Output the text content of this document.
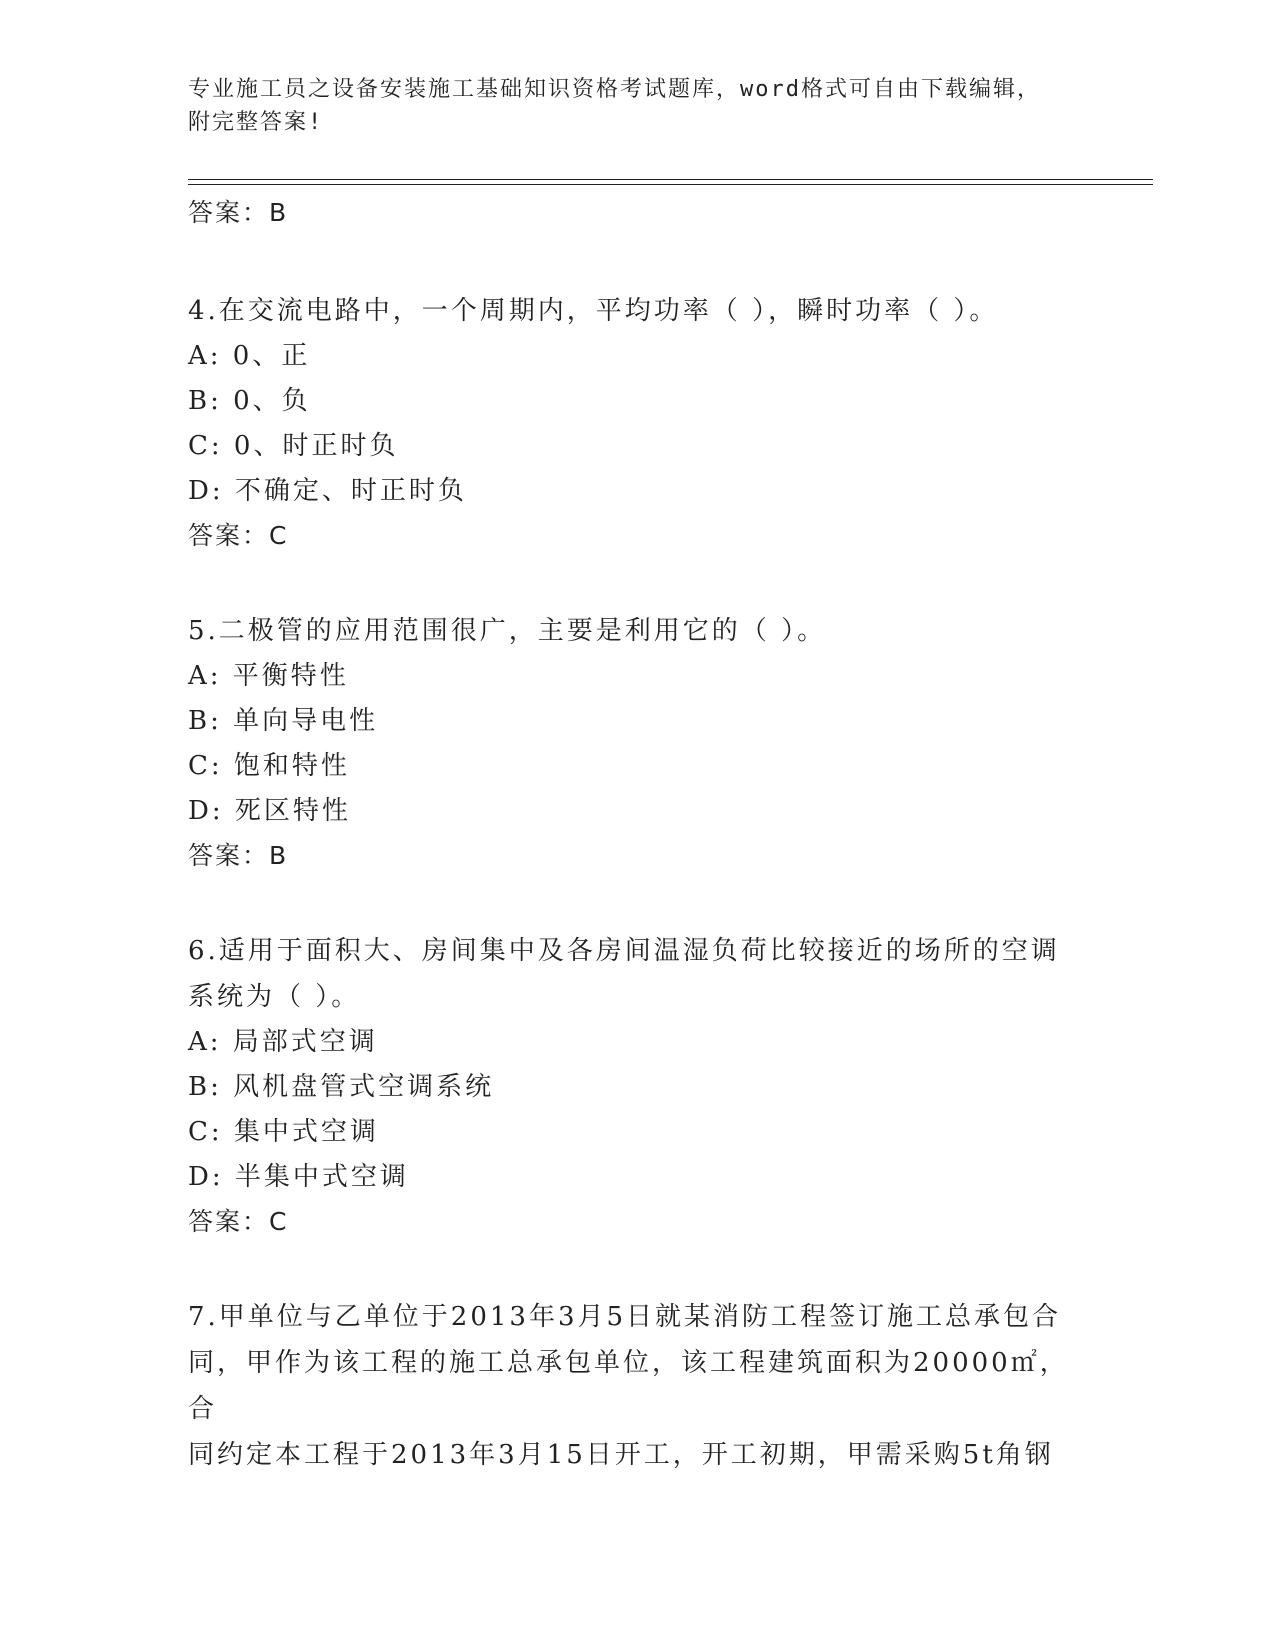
专业施工员之设备安装施工基础知识资格考试题库，word格式可自由下载编辑，
附完整答案!
答案：B
4.在交流电路中，一个周期内，平均功率（ ），瞬时功率（ ）。
A: 0、正
B: 0、负
C: 0、时正时负
D: 不确定、时正时负
答案：C
5.二极管的应用范围很广，主要是利用它的（ ）。
A: 平衡特性
B: 单向导电性
C: 饱和特性
D: 死区特性
答案：B
6.适用于面积大、房间集中及各房间温湿负荷比较接近的场所的空调
系统为（ ）。
A: 局部式空调
B: 风机盘管式空调系统
C: 集中式空调
D: 半集中式空调
答案：C
7.甲单位与乙单位于2013年3月5日就某消防工程签订施工总承包合
同，甲作为该工程的施工总承包单位，该工程建筑面积为20000㎡，合
同约定本工程于2013年3月15日开工，开工初期，甲需采购5t角钢
